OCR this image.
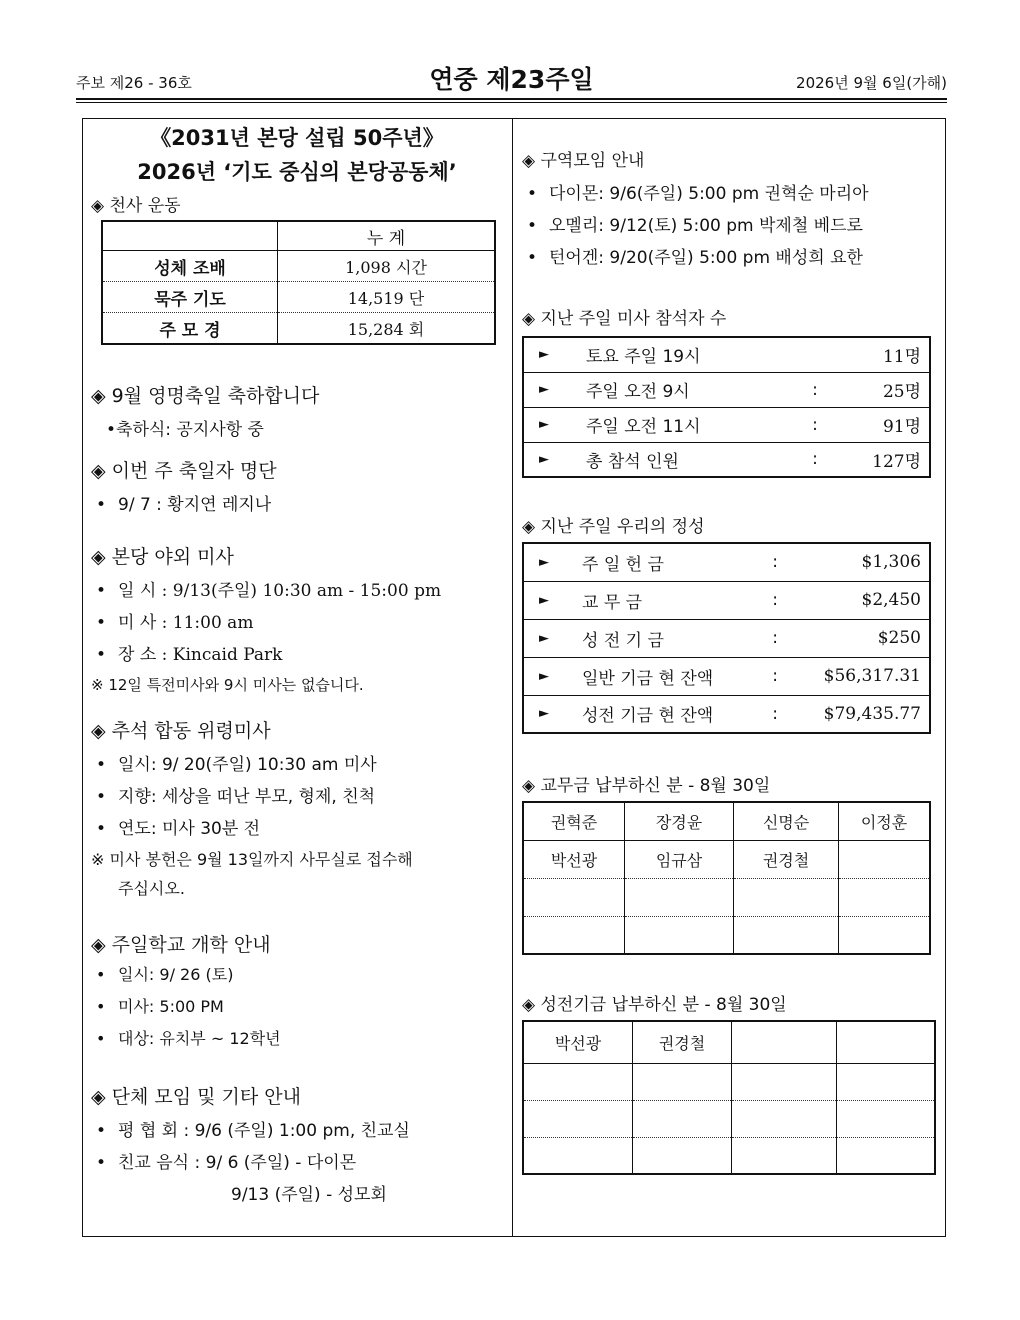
주보 제26 - 36호	연중 제23주일	2026년 9월 6일(가해)
《2031년 본당 설립 50주년》
2026년 ‘기도 중심의 본당공동체’
◈ 천사 운동
	누 계
성체 조배	1,098 시간
묵주 기도	14,519 단
주 모 경	15,284 회
◈ 9월 영명축일 축하합니다
•축하식: 공지사항 중
◈ 이번 주 축일자 명단
• 9/ 7 : 황지연 레지나
◈ 본당 야외 미사
• 일 시 : 9/13(주일) 10:30 am - 15:00 pm
• 미 사 : 11:00 am
• 장 소 : Kincaid Park
※ 12일 특전미사와 9시 미사는 없습니다.
◈ 추석 합동 위령미사
• 일시: 9/ 20(주일) 10:30 am 미사
• 지향: 세상을 떠난 부모, 형제, 친척
• 연도: 미사 30분 전
※ 미사 봉헌은 9월 13일까지 사무실로 접수해
주십시오.
◈ 주일학교 개학 안내
• 일시: 9/ 26 (토)
• 미사: 5:00 PM
• 대상: 유치부 ~ 12학년
◈ 단체 모임 및 기타 안내
• 평 협 회 : 9/6 (주일) 1:00 pm, 친교실
• 친교 음식 : 9/ 6 (주일) - 다이몬
9/13 (주일) - 성모회
◈ 구역모임 안내
• 다이몬: 9/6(주일) 5:00 pm 권혁순 마리아
• 오멜리: 9/12(토) 5:00 pm 박제철 베드로
• 턴어겐: 9/20(주일) 5:00 pm 배성희 요한
◈ 지난 주일 미사 참석자 수
►	토요 주일 19시		11명
►	주일 오전 9시	:	25명
►	주일 오전 11시	:	91명
►	총 참석 인원	:	127명
◈ 지난 주일 우리의 정성
►	주 일 헌 금	:	$1,306
►	교 무 금	:	$2,450
►	성 전 기 금	:	$250
►	일반 기금 현 잔액	:	$56,317.31
►	성전 기금 현 잔액	:	$79,435.77
◈ 교무금 납부하신 분 - 8월 30일
권혁준	장경윤	신명순	이정훈
박선광	임규삼	권경철	

◈ 성전기금 납부하신 분 - 8월 30일
박선광	권경철		
